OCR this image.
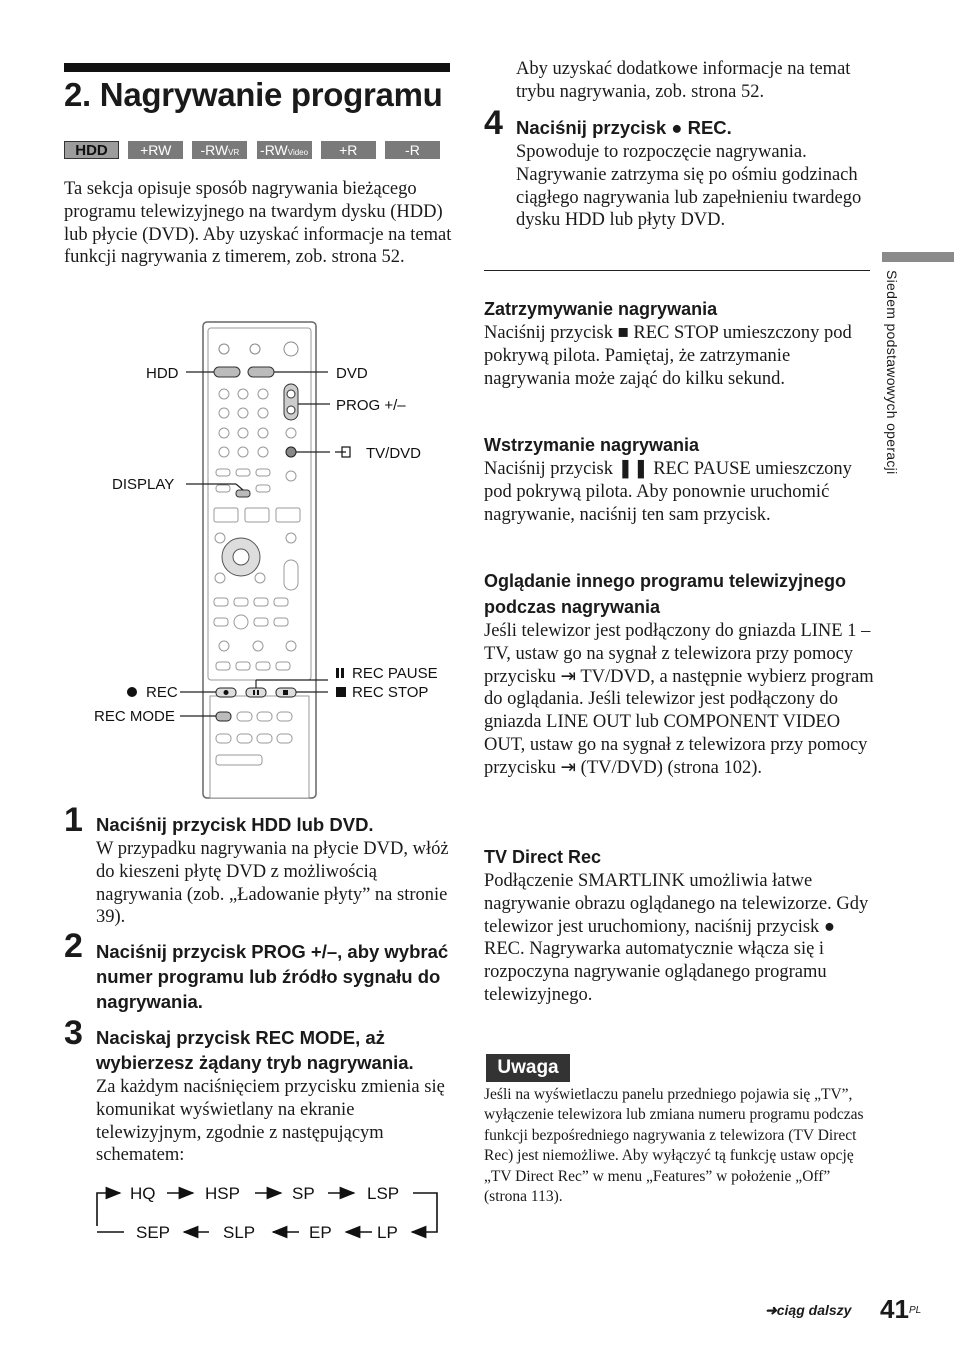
2. Nagrywanie programu
HDD	+RW	-RWVR	-RWVideo	+R	-R

Ta sekcja opisuje sposób nagrywania bieżącego programu telewizyjnego na twardym dysku (HDD) lub płycie (DVD). Aby uzyskać informacje na temat funkcji nagrywania z timerem, zob. strona 52.

HDD	DVD
PROG +/–
TV/DVD
DISPLAY
REC PAUSE
REC	REC STOP
REC MODE
1 Naciśnij przycisk HDD lub DVD.
W przypadku nagrywania na płycie DVD, włóż do kieszeni płytę DVD z możliwością nagrywania (zob. „Ładowanie płyty” na stronie 39).
2 Naciśnij przycisk PROG +/–, aby wybrać numer programu lub źródło sygnału do nagrywania.
3 Naciskaj przycisk REC MODE, aż wybierzesz żądany tryb nagrywania.
Za każdym naciśnięciem przycisku zmienia się komunikat wyświetlany na ekranie telewizyjnym, zgodnie z następującym schematem:
HQ	HSP	SP	LSP
LP
EP
SLP
SEP
Aby uzyskać dodatkowe informacje na temat trybu nagrywania, zob. strona 52.
4 Naciśnij przycisk ● REC.
Spowoduje to rozpoczęcie nagrywania. Nagrywanie zatrzyma się po ośmiu godzinach ciągłego nagrywania lub zapełnieniu twardego dysku HDD lub płyty DVD.
Zatrzymywanie nagrywania
Naciśnij przycisk ■ REC STOP umieszczony pod pokrywą pilota. Pamiętaj, że zatrzymanie nagrywania może zająć do kilku sekund.
Wstrzymanie nagrywania
Naciśnij przycisk ❚❚ REC PAUSE umieszczony pod pokrywą pilota. Aby ponownie uruchomić nagrywanie, naciśnij ten sam przycisk.
Oglądanie innego programu telewizyjnego podczas nagrywania
Jeśli telewizor jest podłączony do gniazda LINE 1 – TV, ustaw go na sygnał z telewizora przy pomocy przycisku ⇥ TV/DVD, a następnie wybierz program do oglądania. Jeśli telewizor jest podłączony do gniazda LINE OUT lub COMPONENT VIDEO OUT, ustaw go na sygnał z telewizora przy pomocy przycisku ⇥ (TV/DVD) (strona 102).
TV Direct Rec
Podłączenie SMARTLINK umożliwia łatwe nagrywanie obrazu oglądanego na telewizorze. Gdy telewizor jest uruchomiony, naciśnij przycisk ● REC. Nagrywarka automatycznie włącza się i rozpoczyna nagrywanie oglądanego programu telewizyjnego.
Uwaga
Jeśli na wyświetlaczu panelu przedniego pojawia się „TV”, wyłączenie telewizora lub zmiana numeru programu podczas funkcji bezpośredniego nagrywania z telewizora (TV Direct Rec) jest niemożliwe. Aby wyłączyć tą funkcję ustaw opcję „TV Direct Rec” w menu „Features” w położenie „Off” (strona 113).
Siedem podstawowych operacji
➜ciąg dalszy 41 PL
